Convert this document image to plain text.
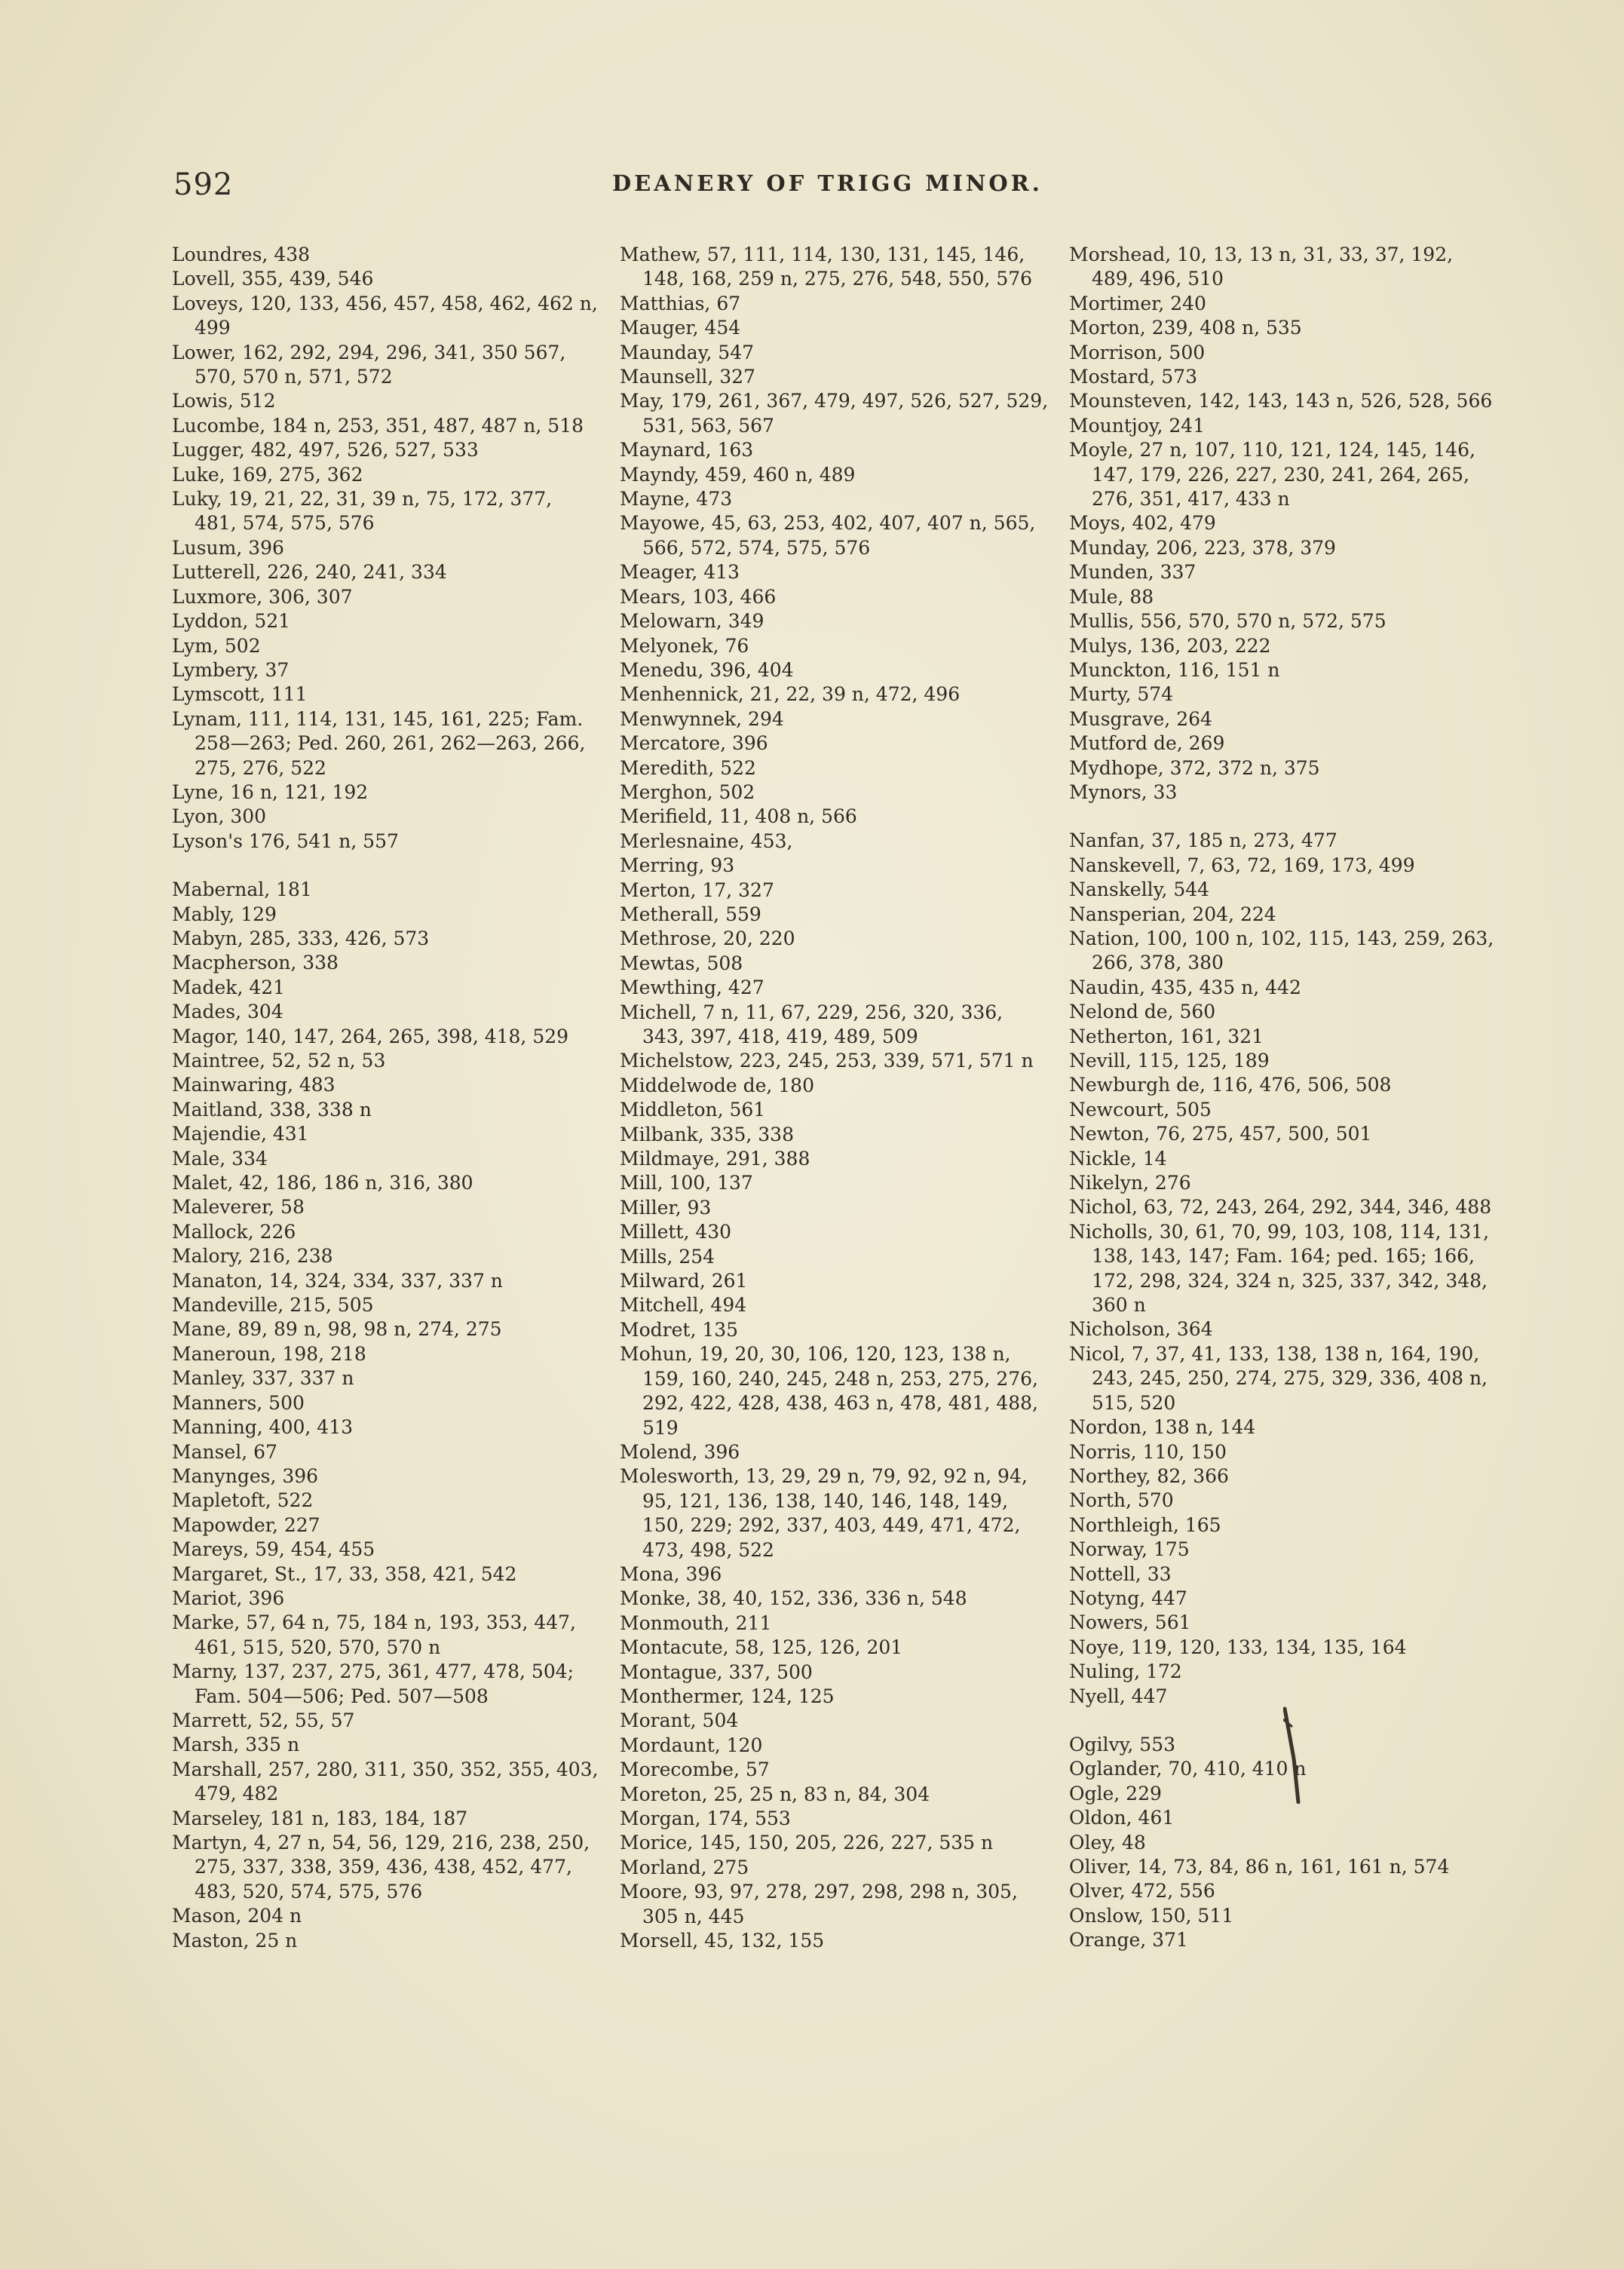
592	DEANERY OF TRIGG MINOR.

Loundres, 438

Lovell, 355, 439, 546

Loveys, 120, 133, 456, 457, 458, 462, 462 n, 499

Lower, 162, 292, 294, 296, 341, 350 567, 570, 570 n, 571, 572

Lowis, 512

Lucombe, 184 n, 253, 351, 487, 487 n, 518

Lugger, 482, 497, 526, 527, 533

Luke, 169, 275, 362

Luky, 19, 21, 22, 31, 39 n, 75, 172, 377, 481, 574, 575, 576

Lusum, 396

Lutterell, 226, 240, 241, 334

Luxmore, 306, 307

Lyddon, 521

Lym, 502

Lymbery, 37

Lymscott, 111

Lynam, 111, 114, 131, 145, 161, 225; Fam. 258—263; Ped. 260, 261, 262—263, 266, 275, 276, 522

Lyne, 16 n, 121, 192

Lyon, 300

Lyson's 176, 541 n, 557

Mabernal, 181

Mably, 129

Mabyn, 285, 333, 426, 573

Macpherson, 338

Madek, 421

Mades, 304

Magor, 140, 147, 264, 265, 398, 418, 529

Maintree, 52, 52 n, 53

Mainwaring, 483

Maitland, 338, 338 n

Majendie, 431

Male, 334

Malet, 42, 186, 186 n, 316, 380

Maleverer, 58

Mallock, 226

Malory, 216, 238

Manaton, 14, 324, 334, 337, 337 n

Mandeville, 215, 505

Mane, 89, 89 n, 98, 98 n, 274, 275

Maneroun, 198, 218

Manley, 337, 337 n

Manners, 500

Manning, 400, 413

Mansel, 67

Manynges, 396

Mapletoft, 522

Mapowder, 227

Mareys, 59, 454, 455

Margaret, St., 17, 33, 358, 421, 542

Mariot, 396

Marke, 57, 64 n, 75, 184 n, 193, 353, 447, 461, 515, 520, 570, 570 n

Marny, 137, 237, 275, 361, 477, 478, 504; Fam. 504—506; Ped. 507—508

Marrett, 52, 55, 57

Marsh, 335 n

Marshall, 257, 280, 311, 350, 352, 355, 403, 479, 482

Marseley, 181 n, 183, 184, 187

Martyn, 4, 27 n, 54, 56, 129, 216, 238, 250, 275, 337, 338, 359, 436, 438, 452, 477, 483, 520, 574, 575, 576

Mason, 204 n

Maston, 25 n

Mathew, 57, 111, 114, 130, 131, 145, 146, 148, 168, 259 n, 275, 276, 548, 550, 576

Matthias, 67

Mauger, 454

Maunday, 547

Maunsell, 327

May, 179, 261, 367, 479, 497, 526, 527, 529, 531, 563, 567

Maynard, 163

Mayndy, 459, 460 n, 489

Mayne, 473

Mayowe, 45, 63, 253, 402, 407, 407 n, 565, 566, 572, 574, 575, 576

Meager, 413

Mears, 103, 466

Melowarn, 349

Melyonek, 76

Menedu, 396, 404

Menhennick, 21, 22, 39 n, 472, 496

Menwynnek, 294

Mercatore, 396

Meredith, 522

Merghon, 502

Merifield, 11, 408 n, 566

Merlesnaine, 453,

Merring, 93

Merton, 17, 327

Metherall, 559

Methrose, 20, 220

Mewtas, 508

Mewthing, 427

Michell, 7 n, 11, 67, 229, 256, 320, 336, 343, 397, 418, 419, 489, 509

Michelstow, 223, 245, 253, 339, 571, 571 n

Middelwode de, 180

Middleton, 561

Milbank, 335, 338

Mildmaye, 291, 388

Mill, 100, 137

Miller, 93

Millett, 430

Mills, 254

Milward, 261

Mitchell, 494

Modret, 135

Mohun, 19, 20, 30, 106, 120, 123, 138 n, 159, 160, 240, 245, 248 n, 253, 275, 276, 292, 422, 428, 438, 463 n, 478, 481, 488, 519

Molend, 396

Molesworth, 13, 29, 29 n, 79, 92, 92 n, 94, 95, 121, 136, 138, 140, 146, 148, 149, 150, 229; 292, 337, 403, 449, 471, 472, 473, 498, 522

Mona, 396

Monke, 38, 40, 152, 336, 336 n, 548

Monmouth, 211

Montacute, 58, 125, 126, 201

Montague, 337, 500

Monthermer, 124, 125

Morant, 504

Mordaunt, 120

Morecombe, 57

Moreton, 25, 25 n, 83 n, 84, 304

Morgan, 174, 553

Morice, 145, 150, 205, 226, 227, 535 n

Morland, 275

Moore, 93, 97, 278, 297, 298, 298 n, 305, 305 n, 445

Morsell, 45, 132, 155

Morshead, 10, 13, 13 n, 31, 33, 37, 192, 489, 496, 510

Mortimer, 240

Morton, 239, 408 n, 535

Morrison, 500

Mostard, 573

Mounsteven, 142, 143, 143 n, 526, 528, 566

Mountjoy, 241

Moyle, 27 n, 107, 110, 121, 124, 145, 146, 147, 179, 226, 227, 230, 241, 264, 265, 276, 351, 417, 433 n

Moys, 402, 479

Munday, 206, 223, 378, 379

Munden, 337

Mule, 88

Mullis, 556, 570, 570 n, 572, 575

Mulys, 136, 203, 222

Munckton, 116, 151 n

Murty, 574

Musgrave, 264

Mutford de, 269

Mydhope, 372, 372 n, 375

Mynors, 33

Nanfan, 37, 185 n, 273, 477

Nanskevell, 7, 63, 72, 169, 173, 499

Nanskelly, 544

Nansperian, 204, 224

Nation, 100, 100 n, 102, 115, 143, 259, 263, 266, 378, 380

Naudin, 435, 435 n, 442

Nelond de, 560

Netherton, 161, 321

Nevill, 115, 125, 189

Newburgh de, 116, 476, 506, 508

Newcourt, 505

Newton, 76, 275, 457, 500, 501

Nickle, 14

Nikelyn, 276

Nichol, 63, 72, 243, 264, 292, 344, 346, 488

Nicholls, 30, 61, 70, 99, 103, 108, 114, 131, 138, 143, 147; Fam. 164; ped. 165; 166, 172, 298, 324, 324 n, 325, 337, 342, 348, 360 n

Nicholson, 364

Nicol, 7, 37, 41, 133, 138, 138 n, 164, 190, 243, 245, 250, 274, 275, 329, 336, 408 n, 515, 520

Nordon, 138 n, 144

Norris, 110, 150

Northey, 82, 366

North, 570

Northleigh, 165

Norway, 175

Nottell, 33

Notyng, 447

Nowers, 561

Noye, 119, 120, 133, 134, 135, 164

Nuling, 172

Nyell, 447

Ogilvy, 553

Oglander, 70, 410, 410 n

Ogle, 229

Oldon, 461

Oley, 48

Oliver, 14, 73, 84, 86 n, 161, 161 n, 574

Olver, 472, 556

Onslow, 150, 511

Orange, 371
